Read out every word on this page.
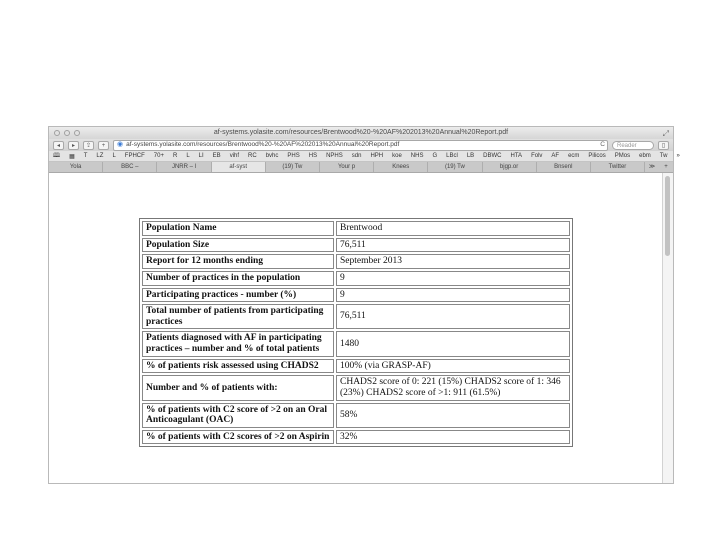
af-systems.yolasite.com/resources/Brentwood%20-%20AF%202013%20Annual%20Report.pdf	⤢
◂	▸	⇪	+	◉ af-systems.yolasite.com/resources/Brentwood%20-%20AF%202013%20Annual%20Report.pdf	C	Reader	▯
🕮 ▦ T LZ L FPHCF 70+ R L LI EB vihf RC bvhc PHS HS NPHS sdn HPH koe NHS G LBcl LB DBWC HTA Folv AF ecm Pilicos PMos ebm Tw »
Yola	BBC –	JNRR – l	af-syst	(19) Tw	Your p	Knees	(19) Tw	bjgp.or	Bnsenl	Twitter	≫	+
Population Name	Brentwood
Population Size	76,511
Report for 12 months ending	September 2013
Number of practices in the population	9
Participating practices - number (%)	9
Total number of patients from participating practices	76,511
Patients diagnosed with AF in participating practices – number and % of total patients	1480
% of patients risk assessed using CHADS2	100% (via GRASP-AF)
Number and % of patients with:	CHADS2 score of 0: 221 (15%) CHADS2 score of 1: 346 (23%) CHADS2 score of >1: 911 (61.5%)
% of patients with C2 score of >2 on an Oral Anticoagulant (OAC)	58%
% of patients with C2 scores of >2 on Aspirin	32%
